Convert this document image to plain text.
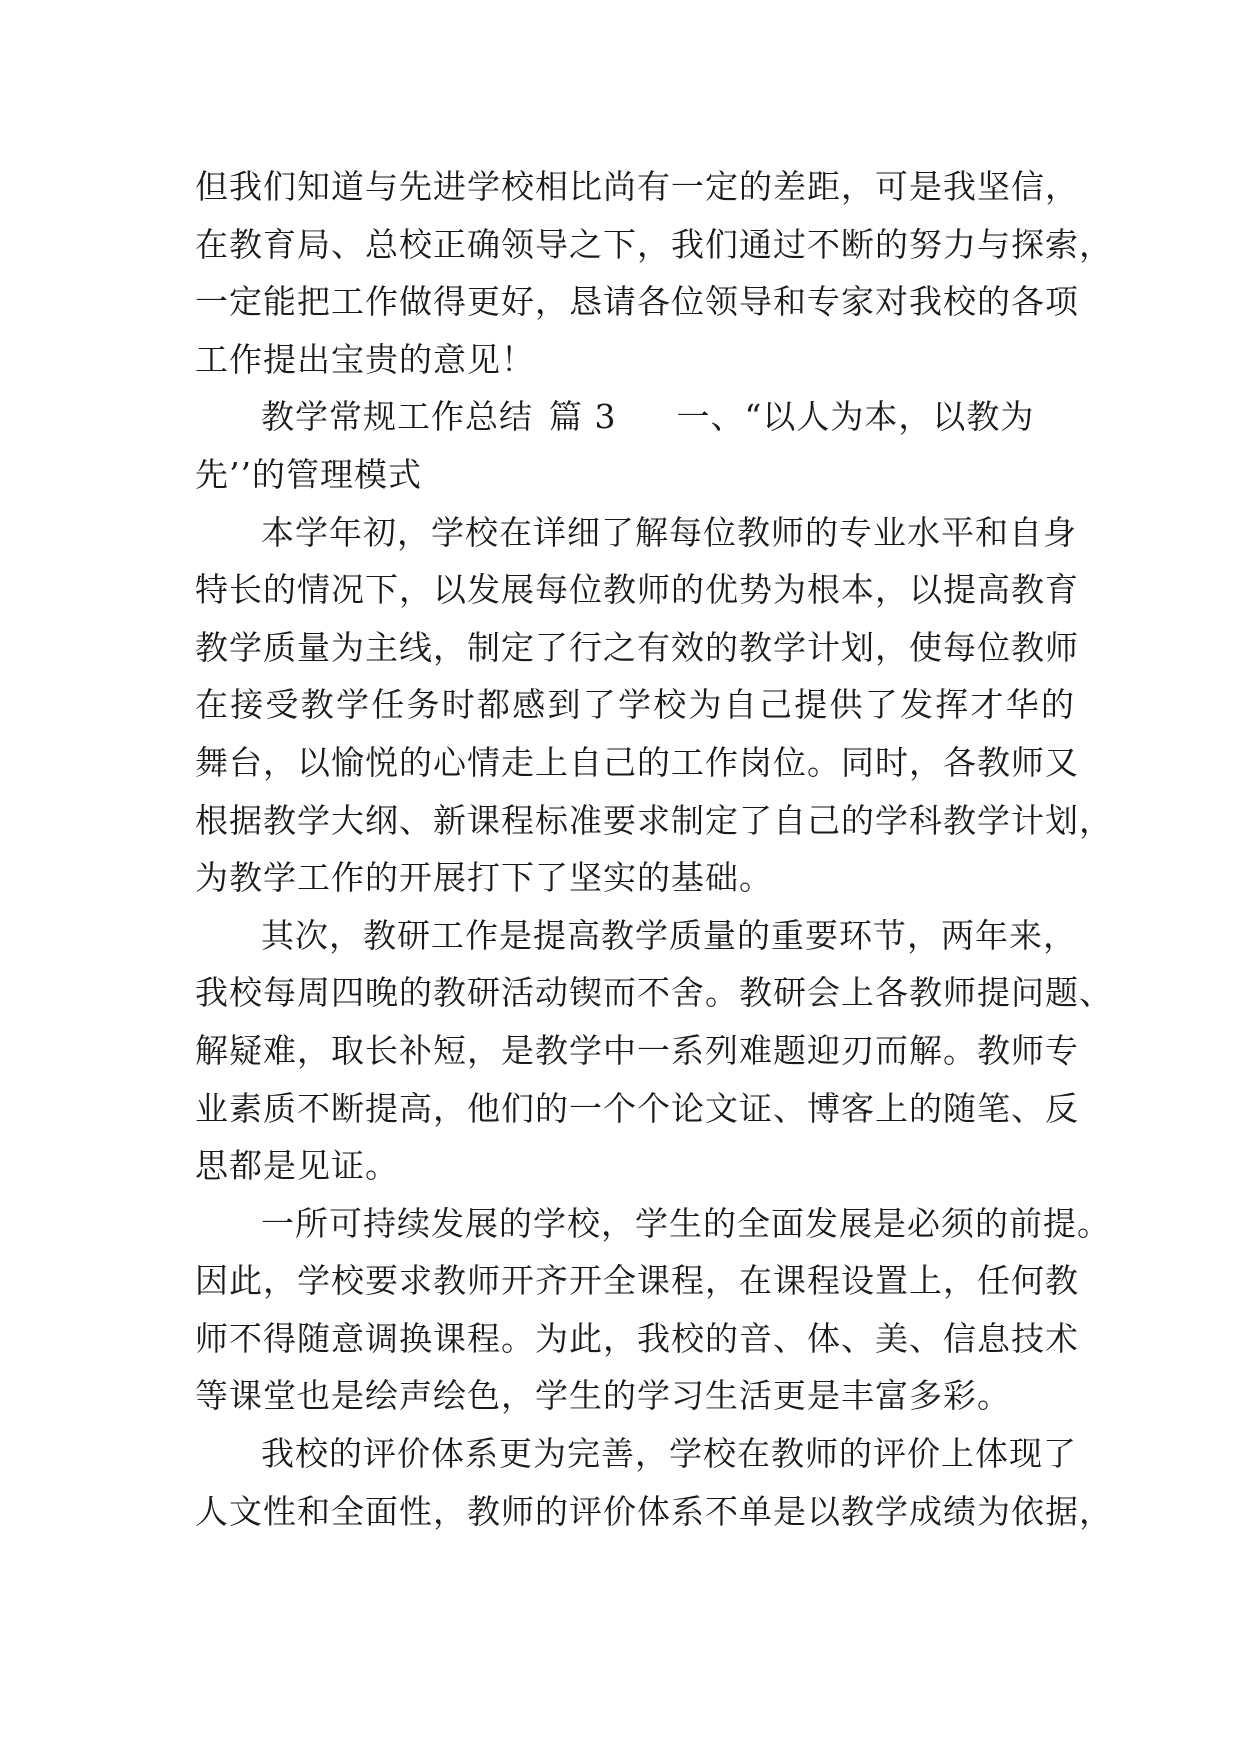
但我们知道与先进学校相比尚有一定的差距，可是我坚信，
在教育局、总校正确领导之下，我们通过不断的努力与探索，
一定能把工作做得更好，恳请各位领导和专家对我校的各项
工作提出宝贵的意见！
教学常规工作总结 篇 3 一、“以人为本，以教为
先’’的管理模式
本学年初，学校在详细了解每位教师的专业水平和自身
特长的情况下，以发展每位教师的优势为根本，以提高教育
教学质量为主线，制定了行之有效的教学计划，使每位教师
在接受教学任务时都感到了学校为自己提供了发挥才华的
舞台，以愉悦的心情走上自己的工作岗位。同时，各教师又
根据教学大纲、新课程标准要求制定了自己的学科教学计划，
为教学工作的开展打下了坚实的基础。
其次，教研工作是提高教学质量的重要环节，两年来，
我校每周四晚的教研活动锲而不舍。教研会上各教师提问题、
解疑难，取长补短，是教学中一系列难题迎刃而解。教师专
业素质不断提高，他们的一个个论文证、博客上的随笔、反
思都是见证。
一所可持续发展的学校，学生的全面发展是必须的前提。
因此，学校要求教师开齐开全课程，在课程设置上，任何教
师不得随意调换课程。为此，我校的音、体、美、信息技术
等课堂也是绘声绘色，学生的学习生活更是丰富多彩。
我校的评价体系更为完善，学校在教师的评价上体现了
人文性和全面性，教师的评价体系不单是以教学成绩为依据，
